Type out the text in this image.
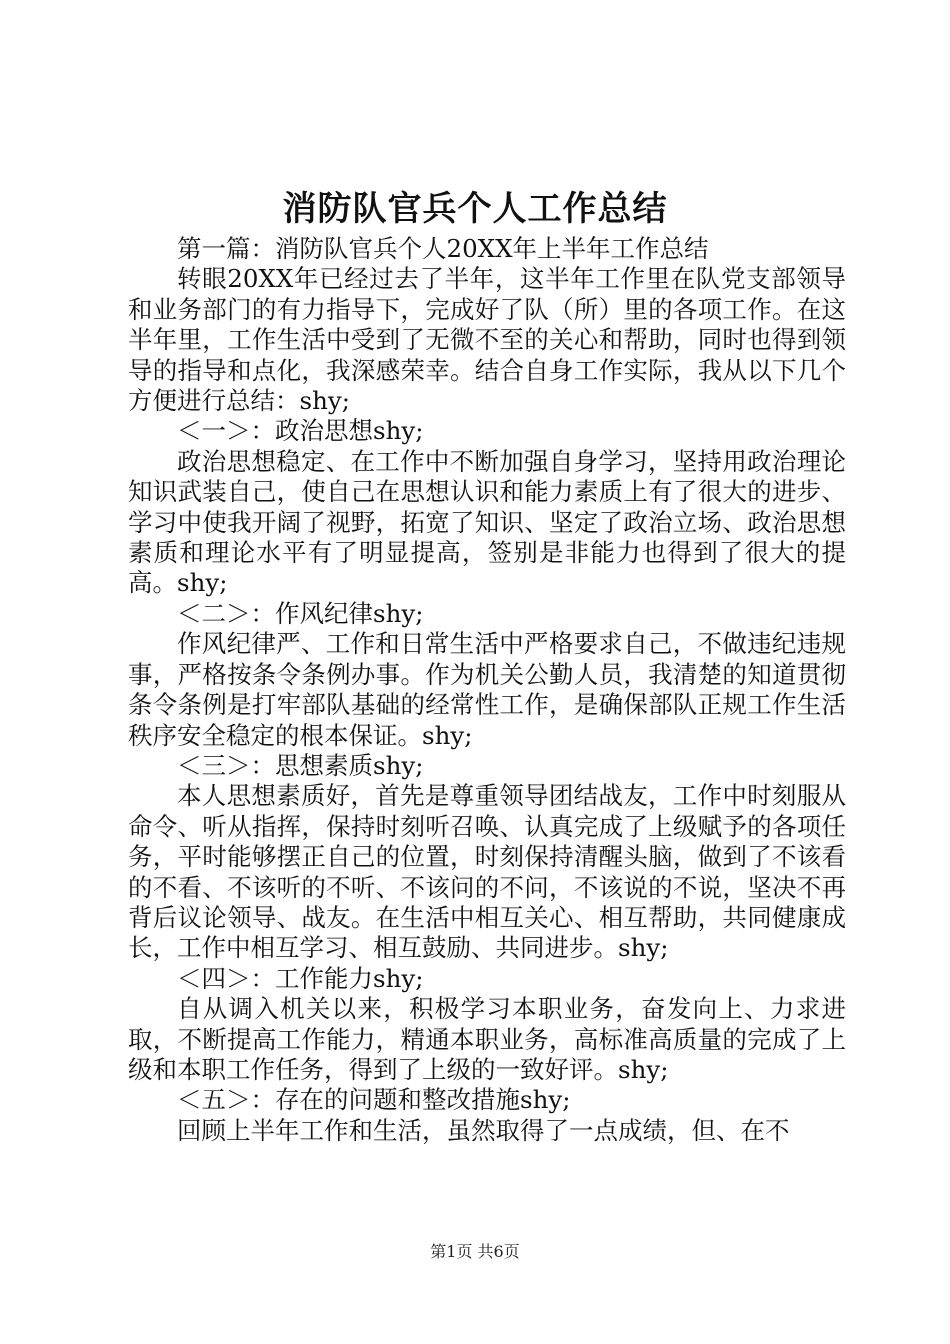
消防队官兵个人工作总结

第一篇：消防队官兵个人20XX年上半年工作总结

转眼20XX年已经过去了半年，这半年工作里在队党支部领导和业务部门的有力指导下，完成好了队（所）里的各项工作。在这半年里，工作生活中受到了无微不至的关心和帮助，同时也得到领导的指导和点化，我深感荣幸。结合自身工作实际，我从以下几个方便进行总结：shy;

＜一＞：政治思想shy;

政治思想稳定、在工作中不断加强自身学习，坚持用政治理论知识武装自己，使自己在思想认识和能力素质上有了很大的进步、学习中使我开阔了视野，拓宽了知识、坚定了政治立场、政治思想素质和理论水平有了明显提高，签别是非能力也得到了很大的提高。shy;

＜二＞：作风纪律shy;

作风纪律严、工作和日常生活中严格要求自己，不做违纪违规事，严格按条令条例办事。作为机关公勤人员，我清楚的知道贯彻条令条例是打牢部队基础的经常性工作，是确保部队正规工作生活秩序安全稳定的根本保证。shy;

＜三＞：思想素质shy;

本人思想素质好，首先是尊重领导团结战友，工作中时刻服从命令、听从指挥，保持时刻听召唤、认真完成了上级赋予的各项任务，平时能够摆正自己的位置，时刻保持清醒头脑，做到了不该看的不看、不该听的不听、不该问的不问，不该说的不说，坚决不再背后议论领导、战友。在生活中相互关心、相互帮助，共同健康成长，工作中相互学习、相互鼓励、共同进步。shy;

＜四＞：工作能力shy;

自从调入机关以来，积极学习本职业务，奋发向上、力求进取，不断提高工作能力，精通本职业务，高标准高质量的完成了上级和本职工作任务，得到了上级的一致好评。shy;

＜五＞：存在的问题和整改措施shy;

回顾上半年工作和生活，虽然取得了一点成绩，但、在不

第1页 共6页
